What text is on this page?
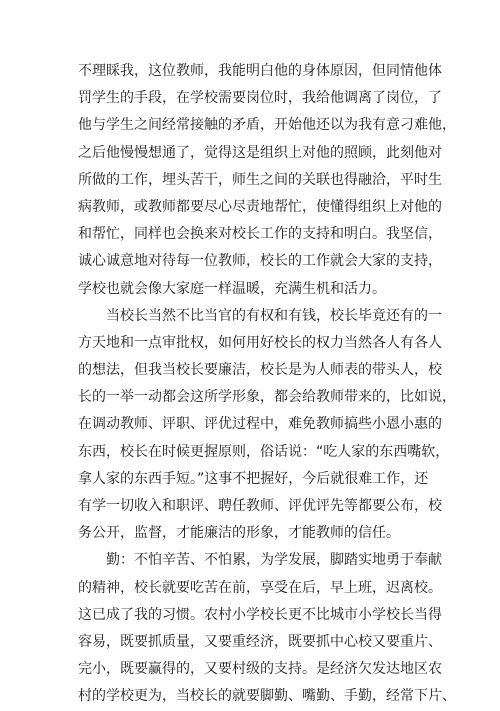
不理睬我，这位教师，我能明白他的身体原因，但同情他体
罚学生的手段，在学校需要岗位时，我给他调离了岗位，了
他与学生之间经常接触的矛盾，开始他还以为我有意刁难他，
之后他慢慢想通了，觉得这是组织上对他的照顾，此刻他对
所做的工作，埋头苦干，师生之间的关联也得融洽，平时生
病教师，或教师都要尽心尽责地帮忙，使懂得组织上对他的
和帮忙，同样也会换来对校长工作的支持和明白。我坚信，
诚心诚意地对待每一位教师，校长的工作就会大家的支持，
学校也就会像大家庭一样温暖，充满生机和活力。
当校长当然不比当官的有权和有钱，校长毕竟还有的一
方天地和一点审批权，如何用好校长的权力当然各人有各人
的想法，但我当校长要廉洁，校长是为人师表的带头人，校
长的一举一动都会这所学形象，都会给教师带来的，比如说，
在调动教师、评职、评优过程中，难免教师搞些小恩小惠的
东西，校长在时候更握原则，俗话说：“吃人家的东西嘴软，
拿人家的东西手短。”这事不把握好，今后就很难工作，还
有学一切收入和职评、聘任教师、评优评先等都要公布，校
务公开，监督，才能廉洁的形象，才能教师的信任。
勤：不怕辛苦、不怕累，为学发展，脚踏实地勇于奉献
的精神，校长就要吃苦在前，享受在后，早上班，迟离校。
这已成了我的习惯。农村小学校长更不比城市小学校长当得
容易，既要抓质量，又要重经济，既要抓中心校又要重片、
完小，既要赢得的，又要村级的支持。是经济欠发达地区农
村的学校更为，当校长的就要脚勤、嘴勤、手勤，经常下片、
